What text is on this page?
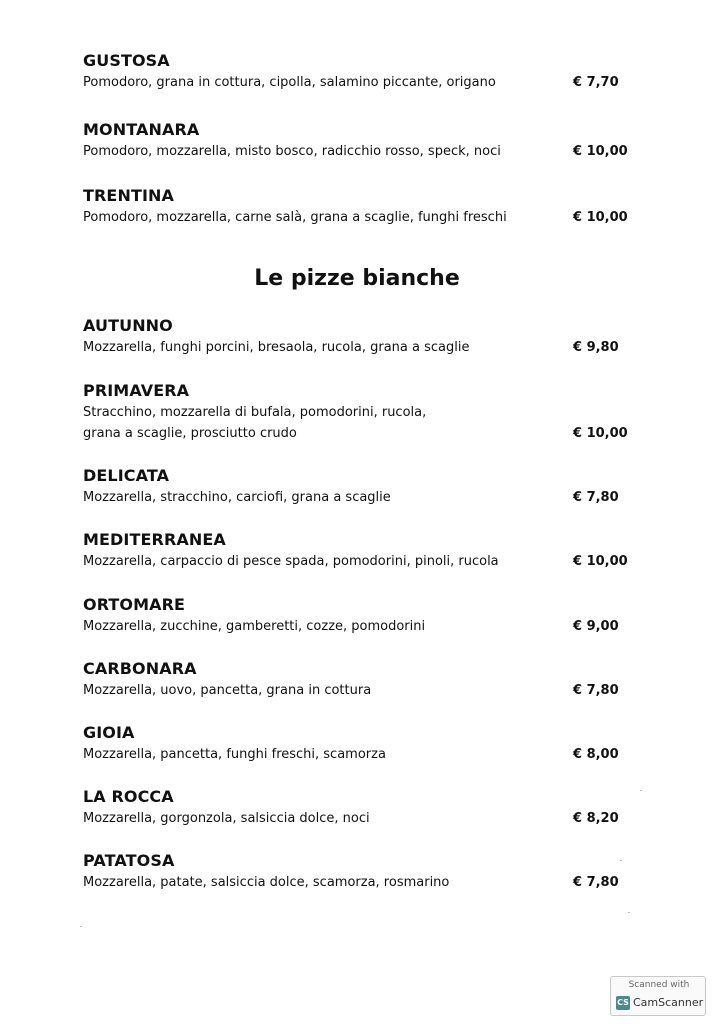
GUSTOSA
Pomodoro, grana in cottura, cipolla, salamino piccante, origano	€ 7,70
MONTANARA
Pomodoro, mozzarella, misto bosco, radicchio rosso, speck, noci	€ 10,00
TRENTINA
Pomodoro, mozzarella, carne salà, grana a scaglie, funghi freschi	€ 10,00
Le pizze bianche
AUTUNNO
Mozzarella, funghi porcini, bresaola, rucola, grana a scaglie	€ 9,80
PRIMAVERA
Stracchino, mozzarella di bufala, pomodorini, rucola,
grana a scaglie, prosciutto crudo	€ 10,00
DELICATA
Mozzarella, stracchino, carciofi, grana a scaglie	€ 7,80
MEDITERRANEA
Mozzarella, carpaccio di pesce spada, pomodorini, pinoli, rucola	€ 10,00
ORTOMARE
Mozzarella, zucchine, gamberetti, cozze, pomodorini	€ 9,00
CARBONARA
Mozzarella, uovo, pancetta, grana in cottura	€ 7,80
GIOIA
Mozzarella, pancetta, funghi freschi, scamorza	€ 8,00
LA ROCCA
Mozzarella, gorgonzola, salsiccia dolce, noci	€ 8,20
PATATOSA
Mozzarella, patate, salsiccia dolce, scamorza, rosmarino	€ 7,80
Scanned with
CS CamScanner
